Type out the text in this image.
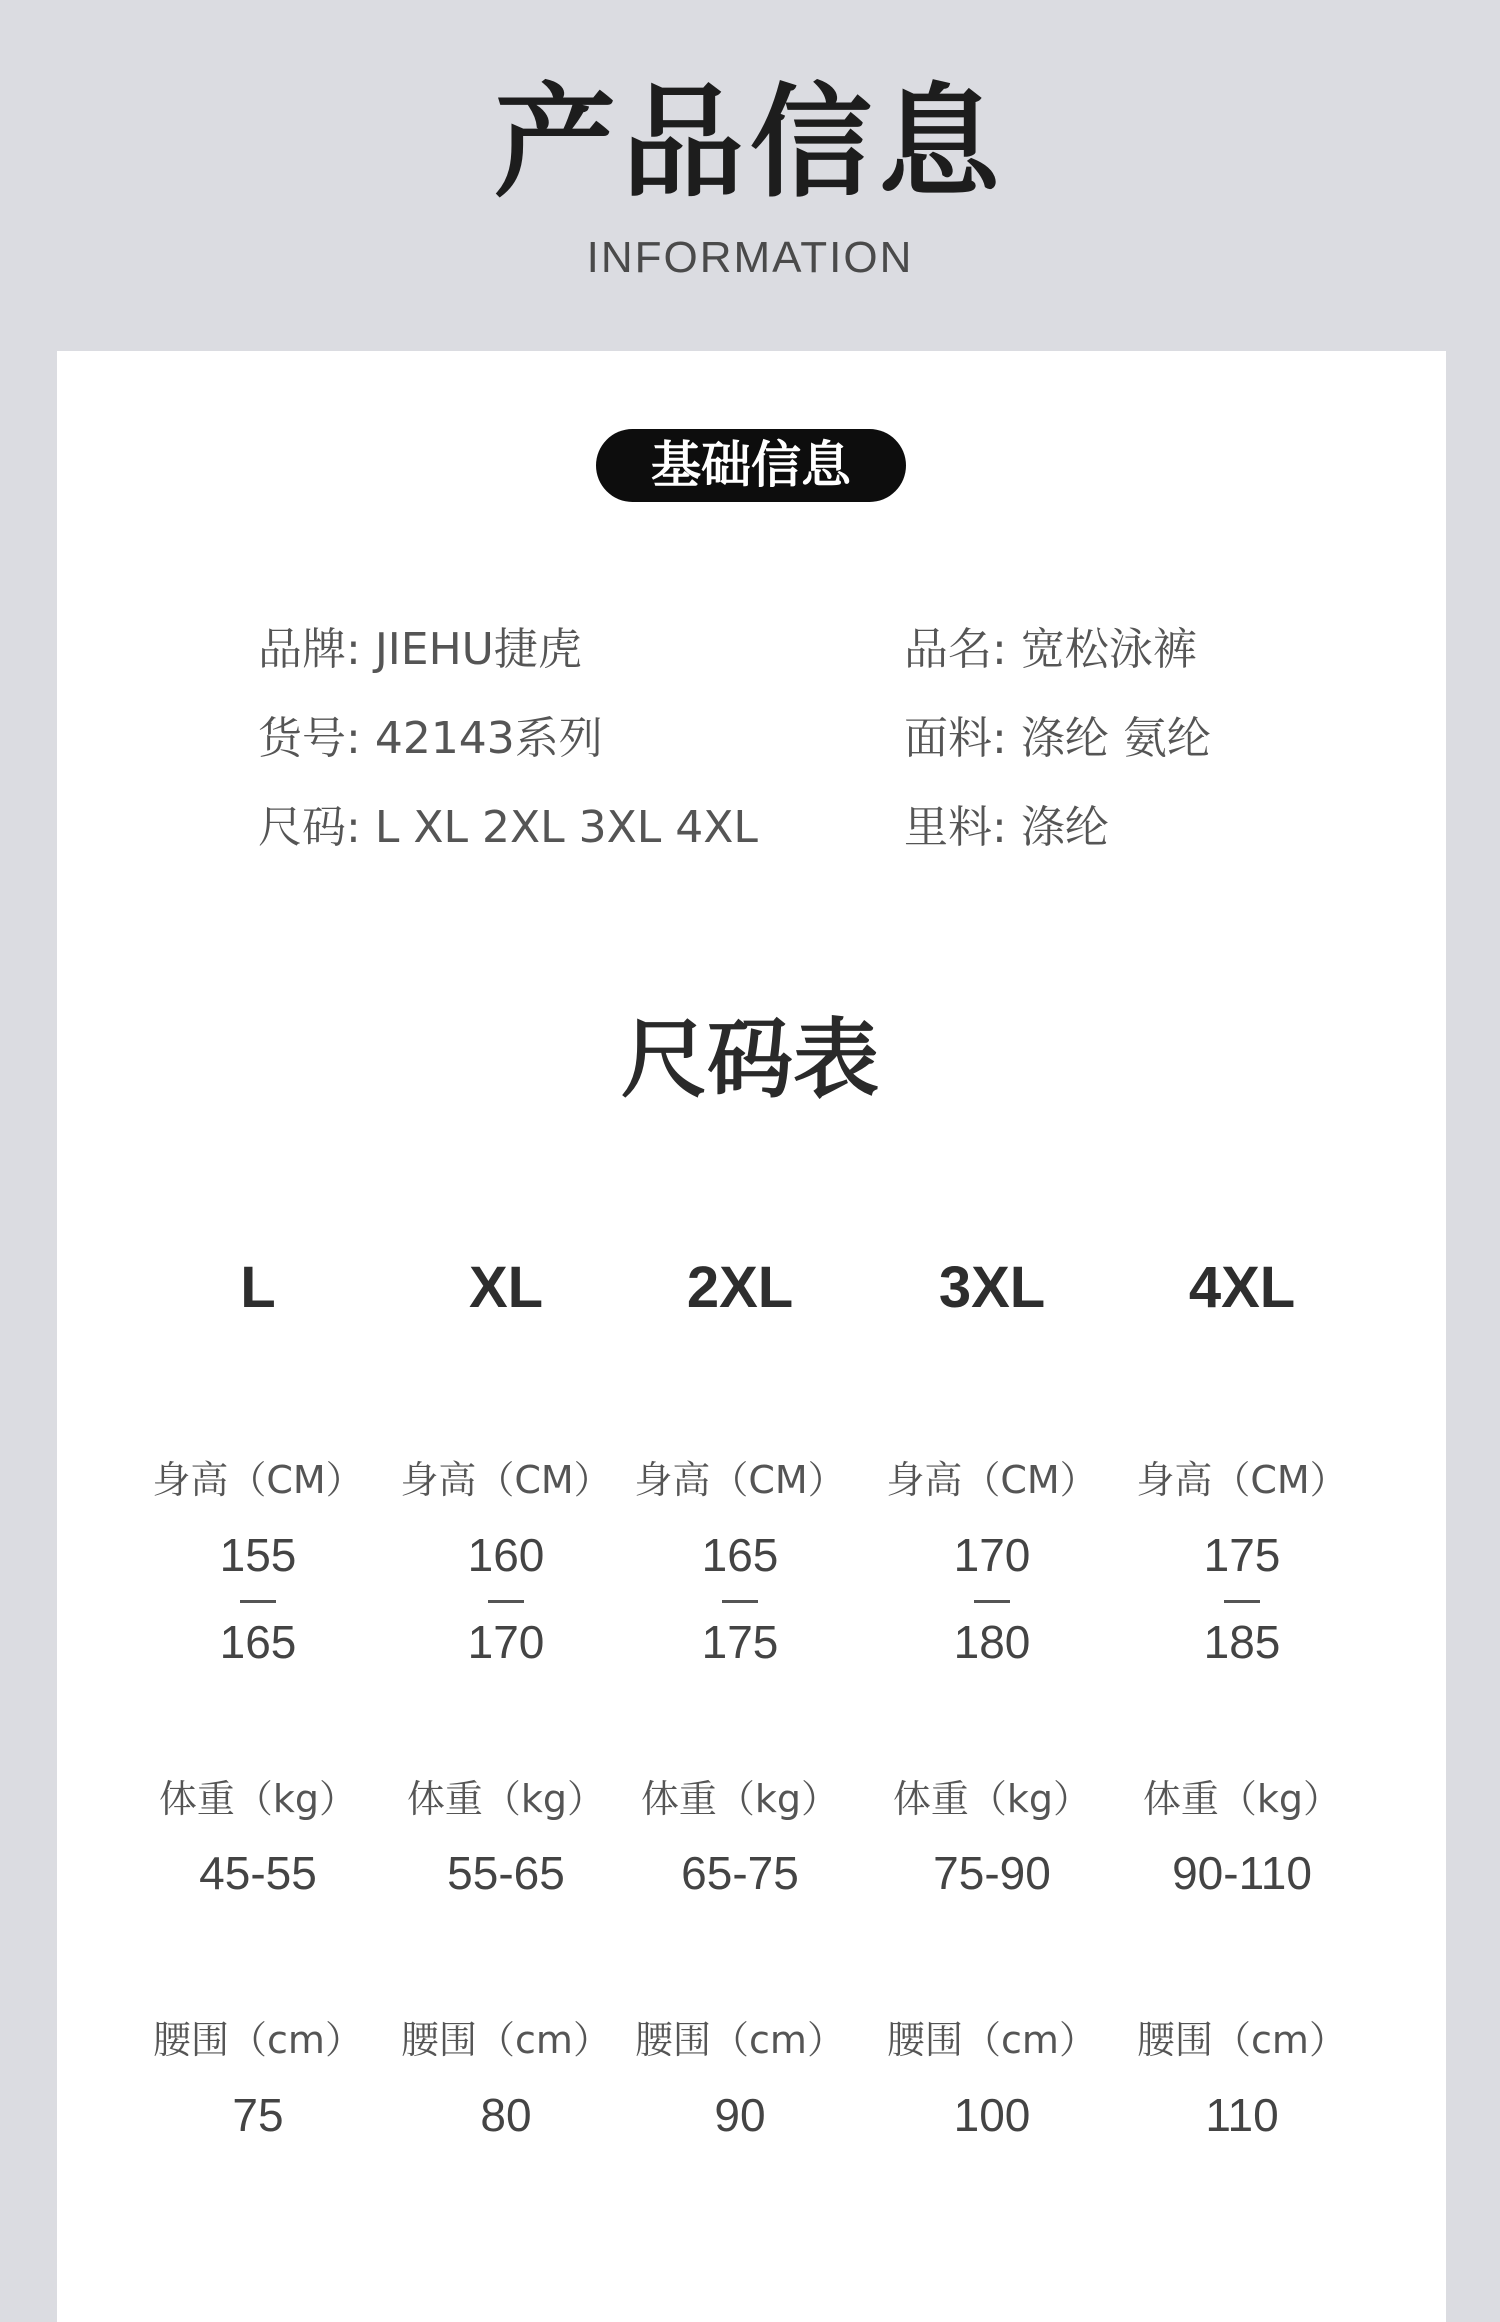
产品信息
INFORMATION
基础信息
品牌: JIEHU捷虎
货号: 42143系列
尺码: L XL 2XL 3XL 4XL
品名: 宽松泳裤
面料: 涤纶 氨纶
里料: 涤纶
尺码表
L
身高（CM）
155
165
体重（kg）
45-55
腰围（cm）
75
XL
身高（CM）
160
170
体重（kg）
55-65
腰围（cm）
80
2XL
身高（CM）
165
175
体重（kg）
65-75
腰围（cm）
90
3XL
身高（CM）
170
180
体重（kg）
75-90
腰围（cm）
100
4XL
身高（CM）
175
185
体重（kg）
90-110
腰围（cm）
110
